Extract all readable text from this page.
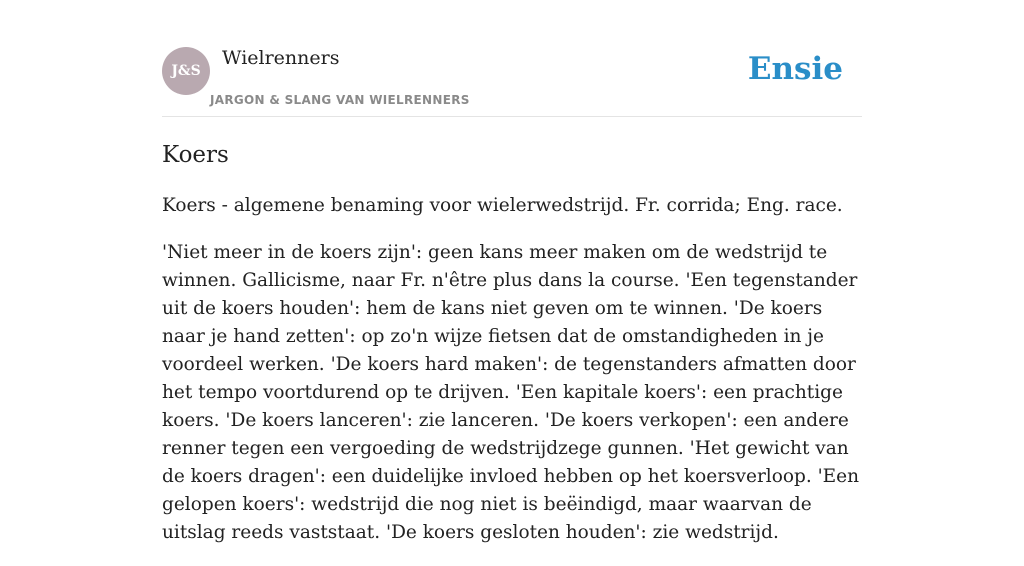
J&S
Wielrenners
JARGON & SLANG VAN WIELRENNERS
Ensie
Koers

Koers - algemene benaming voor wielerwedstrijd. Fr. corrida; Eng. race.

'Niet meer in de koers zijn': geen kans meer maken om de wedstrijd te winnen. Gallicisme, naar Fr. n'être plus dans la course. 'Een tegenstander uit de koers houden': hem de kans niet geven om te winnen. 'De koers naar je hand zetten': op zo'n wijze fietsen dat de omstandigheden in je voordeel werken. 'De koers hard maken': de tegenstanders afmatten door het tempo voortdurend op te drijven. 'Een kapitale koers': een prachtige koers. 'De koers lanceren': zie lanceren. 'De koers verkopen': een andere renner tegen een vergoeding de wedstrijdzege gunnen. 'Het gewicht van de koers dragen': een duidelijke invloed hebben op het koersverloop. 'Een gelopen koers': wedstrijd die nog niet is beëindigd, maar waarvan de uitslag reeds vaststaat. 'De koers gesloten houden': zie wedstrijd.
